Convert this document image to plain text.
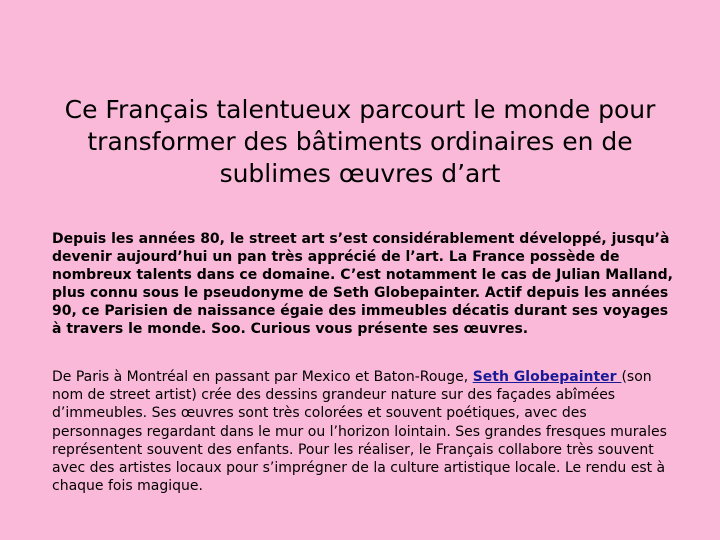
Ce Français talentueux parcourt le monde pour transformer des bâtiments ordinaires en de sublimes œuvres d’art

Depuis les années 80, le street art s’est considérablement développé, jusqu’à devenir aujourd’hui un pan très apprécié de l’art. La France possède de nombreux talents dans ce domaine. C’est notamment le cas de Julian Malland, plus connu sous le pseudonyme de Seth Globepainter. Actif depuis les années 90, ce Parisien de naissance égaie des immeubles décatis durant ses voyages à travers le monde. Soo. Curious vous présente ses œuvres.

De Paris à Montréal en passant par Mexico et Baton-Rouge, Seth Globepainter (son nom de street artist) crée des dessins grandeur nature sur des façades abîmées d’immeubles. Ses œuvres sont très colorées et souvent poétiques, avec des personnages regardant dans le mur ou l’horizon lointain. Ses grandes fresques murales représentent souvent des enfants. Pour les réaliser, le Français collabore très souvent avec des artistes locaux pour s’imprégner de la culture artistique locale. Le rendu est à chaque fois magique.
